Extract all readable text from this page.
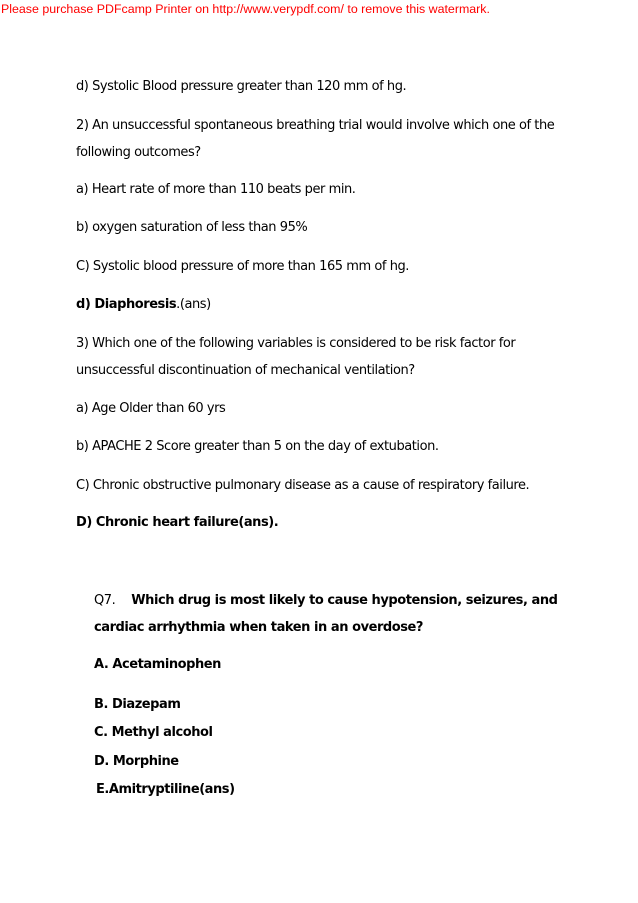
Please purchase PDFcamp Printer on http://www.verypdf.com/ to remove this watermark.
d) Systolic Blood pressure greater than 120 mm of hg.
2) An unsuccessful spontaneous breathing trial would involve which one of the
following outcomes?
a) Heart rate of more than 110 beats per min.
b) oxygen saturation of less than 95%
C) Systolic blood pressure of more than 165 mm of hg.
d) Diaphoresis.(ans)
3) Which one of the following variables is considered to be risk factor for
unsuccessful discontinuation of mechanical ventilation?
a) Age Older than 60 yrs
b) APACHE 2 Score greater than 5 on the day of extubation.
C) Chronic obstructive pulmonary disease as a cause of respiratory failure.
D) Chronic heart failure(ans).
Q7. Which drug is most likely to cause hypotension, seizures, and
cardiac arrhythmia when taken in an overdose?
A. Acetaminophen
B. Diazepam
C. Methyl alcohol
D. Morphine
E.Amitryptiline(ans)
